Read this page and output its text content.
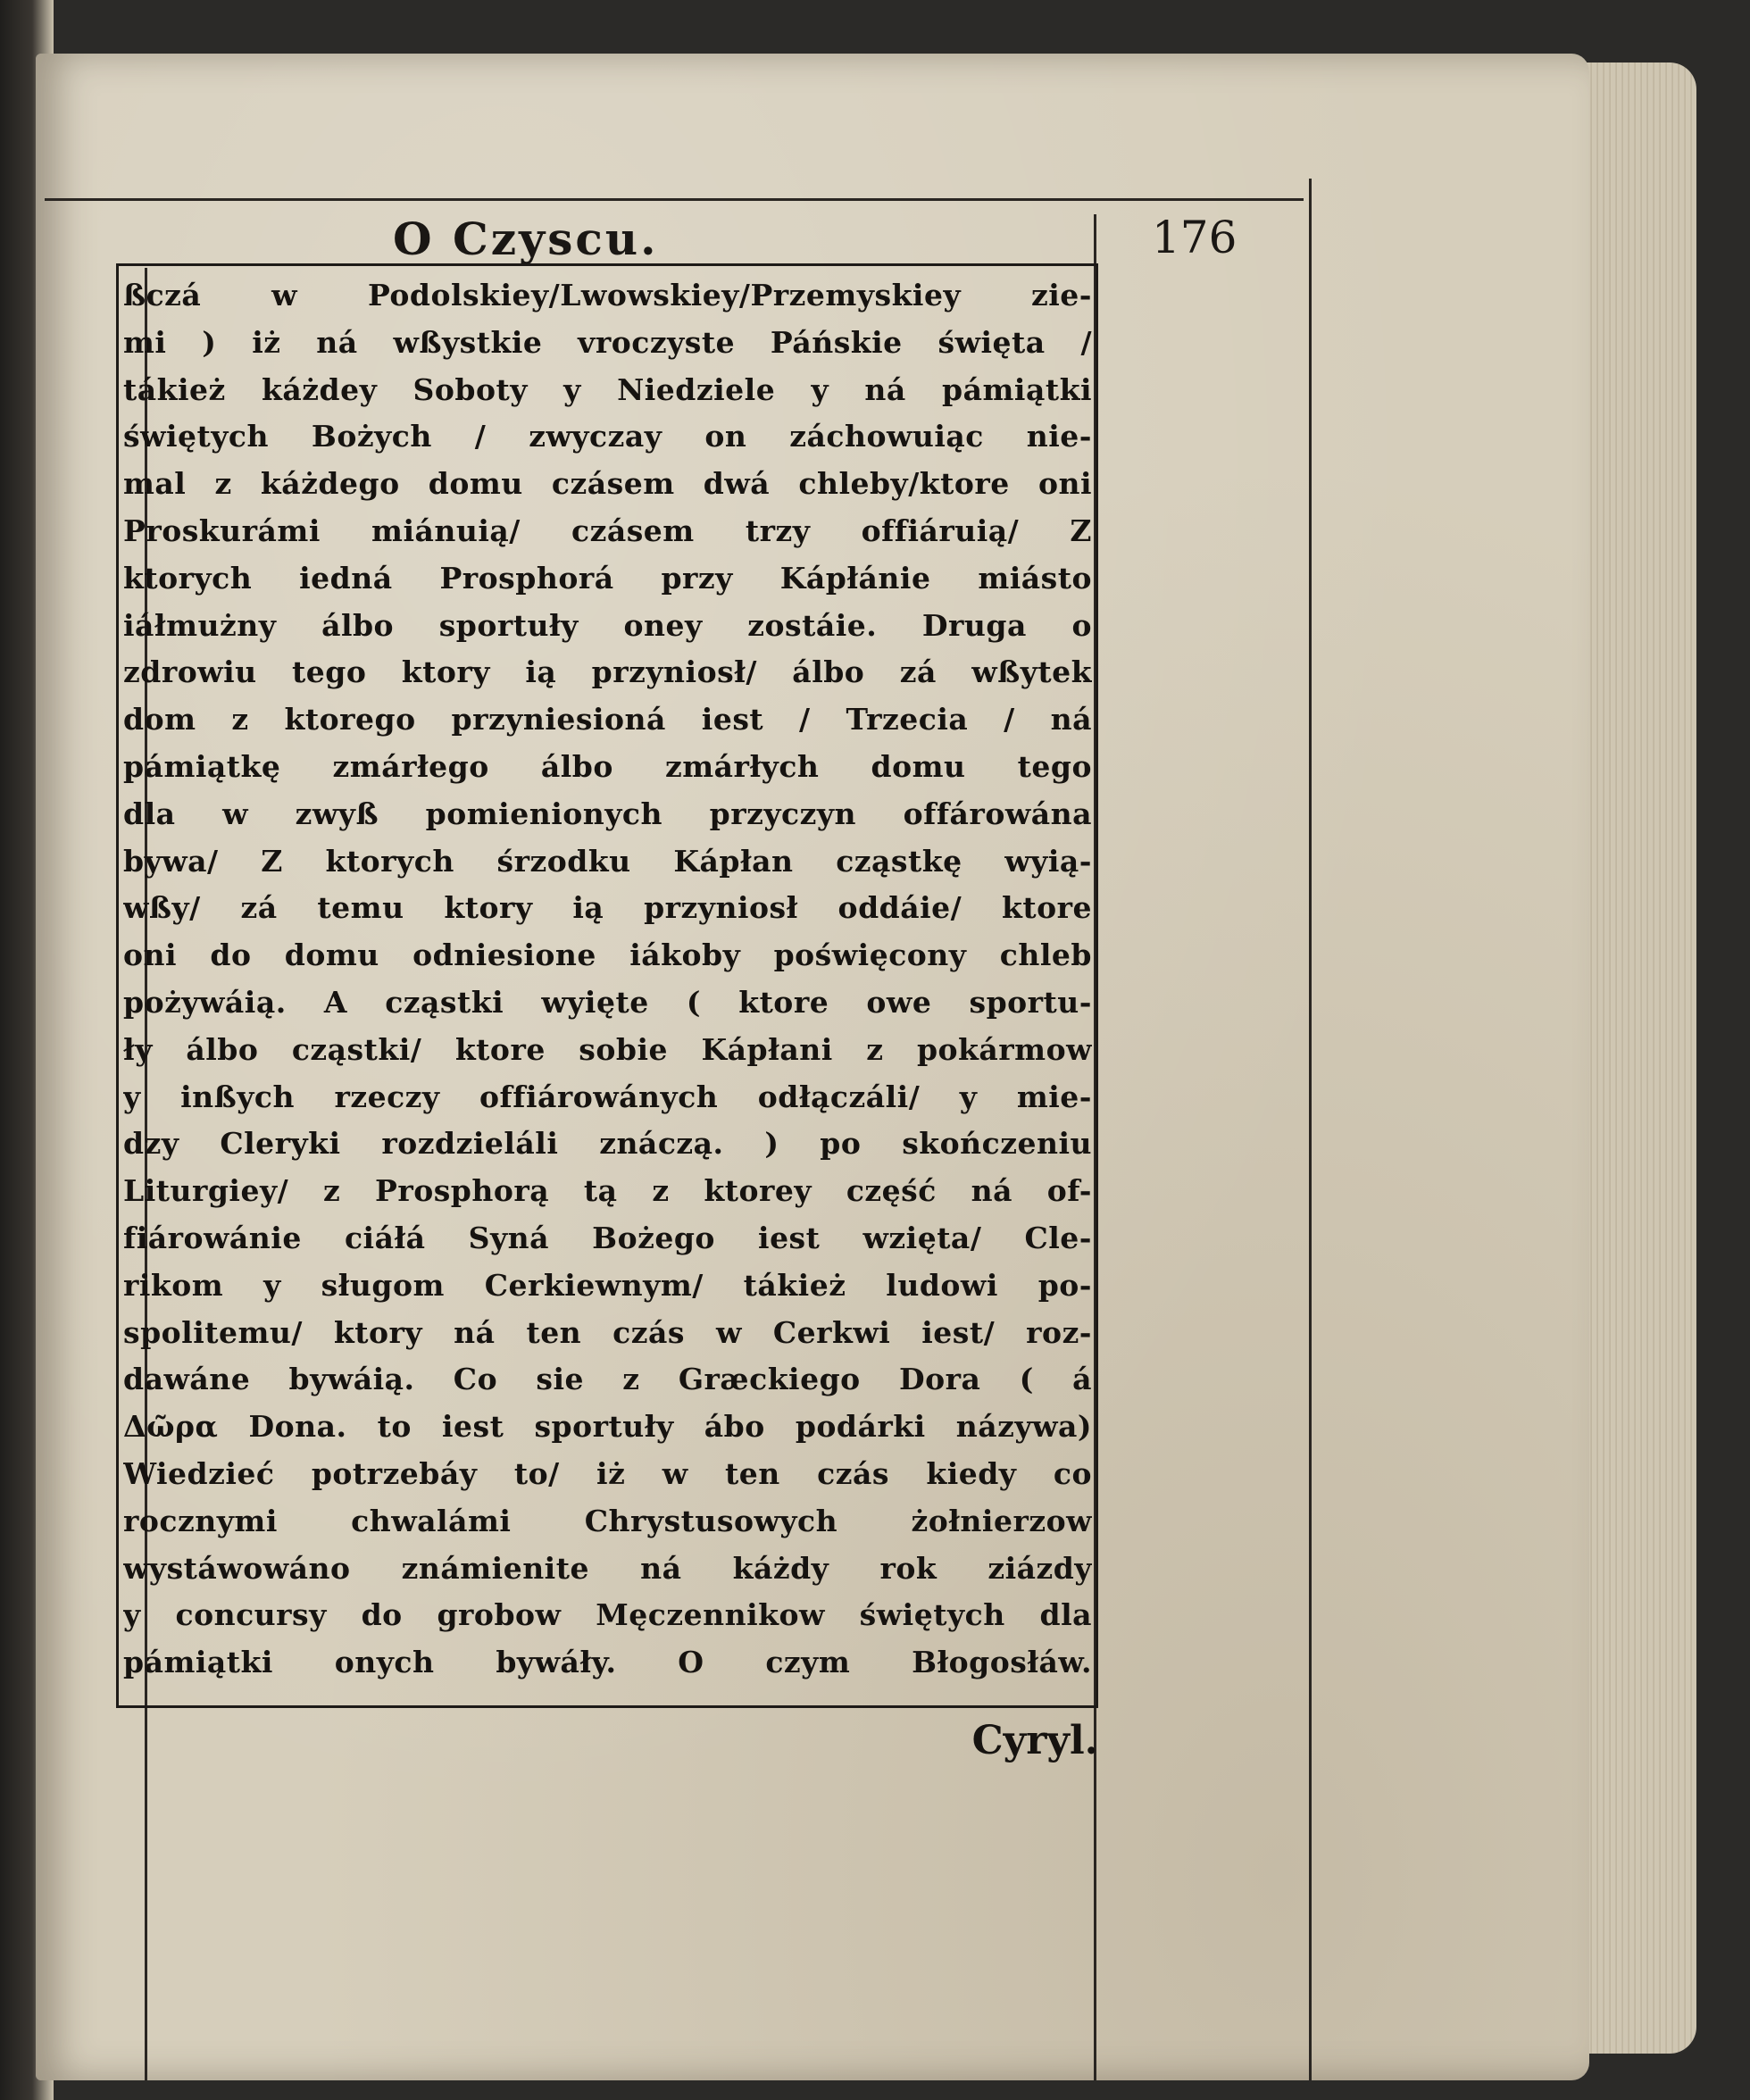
O Czyscu.	176
ßczá w Podolskiey/Lwowskiey/Przemyskiey zie-
mi ) iż ná wßystkie vroczyste Páńskie święta /
tákież káżdey Soboty y Niedziele y ná pámiątki
świętych Bożych / zwyczay on záchowuiąc nie-
mal z káżdego domu czásem dwá chleby/ktore oni
Proskurámi miánuią/ czásem trzy offiáruią/ Z
ktorych iedná Prosphorá przy Kápłánie miásto
iáłmużny álbo sportuły oney zostáie. Druga o
zdrowiu tego ktory ią przyniosł/ álbo zá wßytek
dom z ktorego przyniesioná iest / Trzecia / ná
pámiątkę zmárłego álbo zmárłych domu tego
dla w zwyß pomienionych przyczyn offárowána
bywa/ Z ktorych śrzodku Kápłan cząstkę wyią-
wßy/ zá temu ktory ią przyniosł oddáie/ ktore
oni do domu odniesione iákoby poświęcony chleb
pożywáią. A cząstki wyięte ( ktore owe sportu-
ły álbo cząstki/ ktore sobie Kápłani z pokármow
y inßych rzeczy offiárowánych odłączáli/ y mie-
dzy Cleryki rozdzieláli znáczą. ) po skończeniu
Liturgiey/ z Prosphorą tą z ktorey część ná of-
fiárowánie ciáłá Syná Bożego iest wzięta/ Cle-
rikom y sługom Cerkiewnym/ tákież ludowi po-
spolitemu/ ktory ná ten czás w Cerkwi iest/ roz-
dawáne bywáią. Co sie z Græckiego Dora ( á
Δῶρα Dona. to iest sportuły ábo podárki názywa)
Wiedzieć potrzebáy to/ iż w ten czás kiedy co
rocznymi chwalámi Chrystusowych żołnierzow
wystáwowáno známienite ná káżdy rok ziázdy
y concursy do grobow Męczennikow świętych dla
pámiątki onych bywáły. O czym Błogosłáw.
Cyryl.
